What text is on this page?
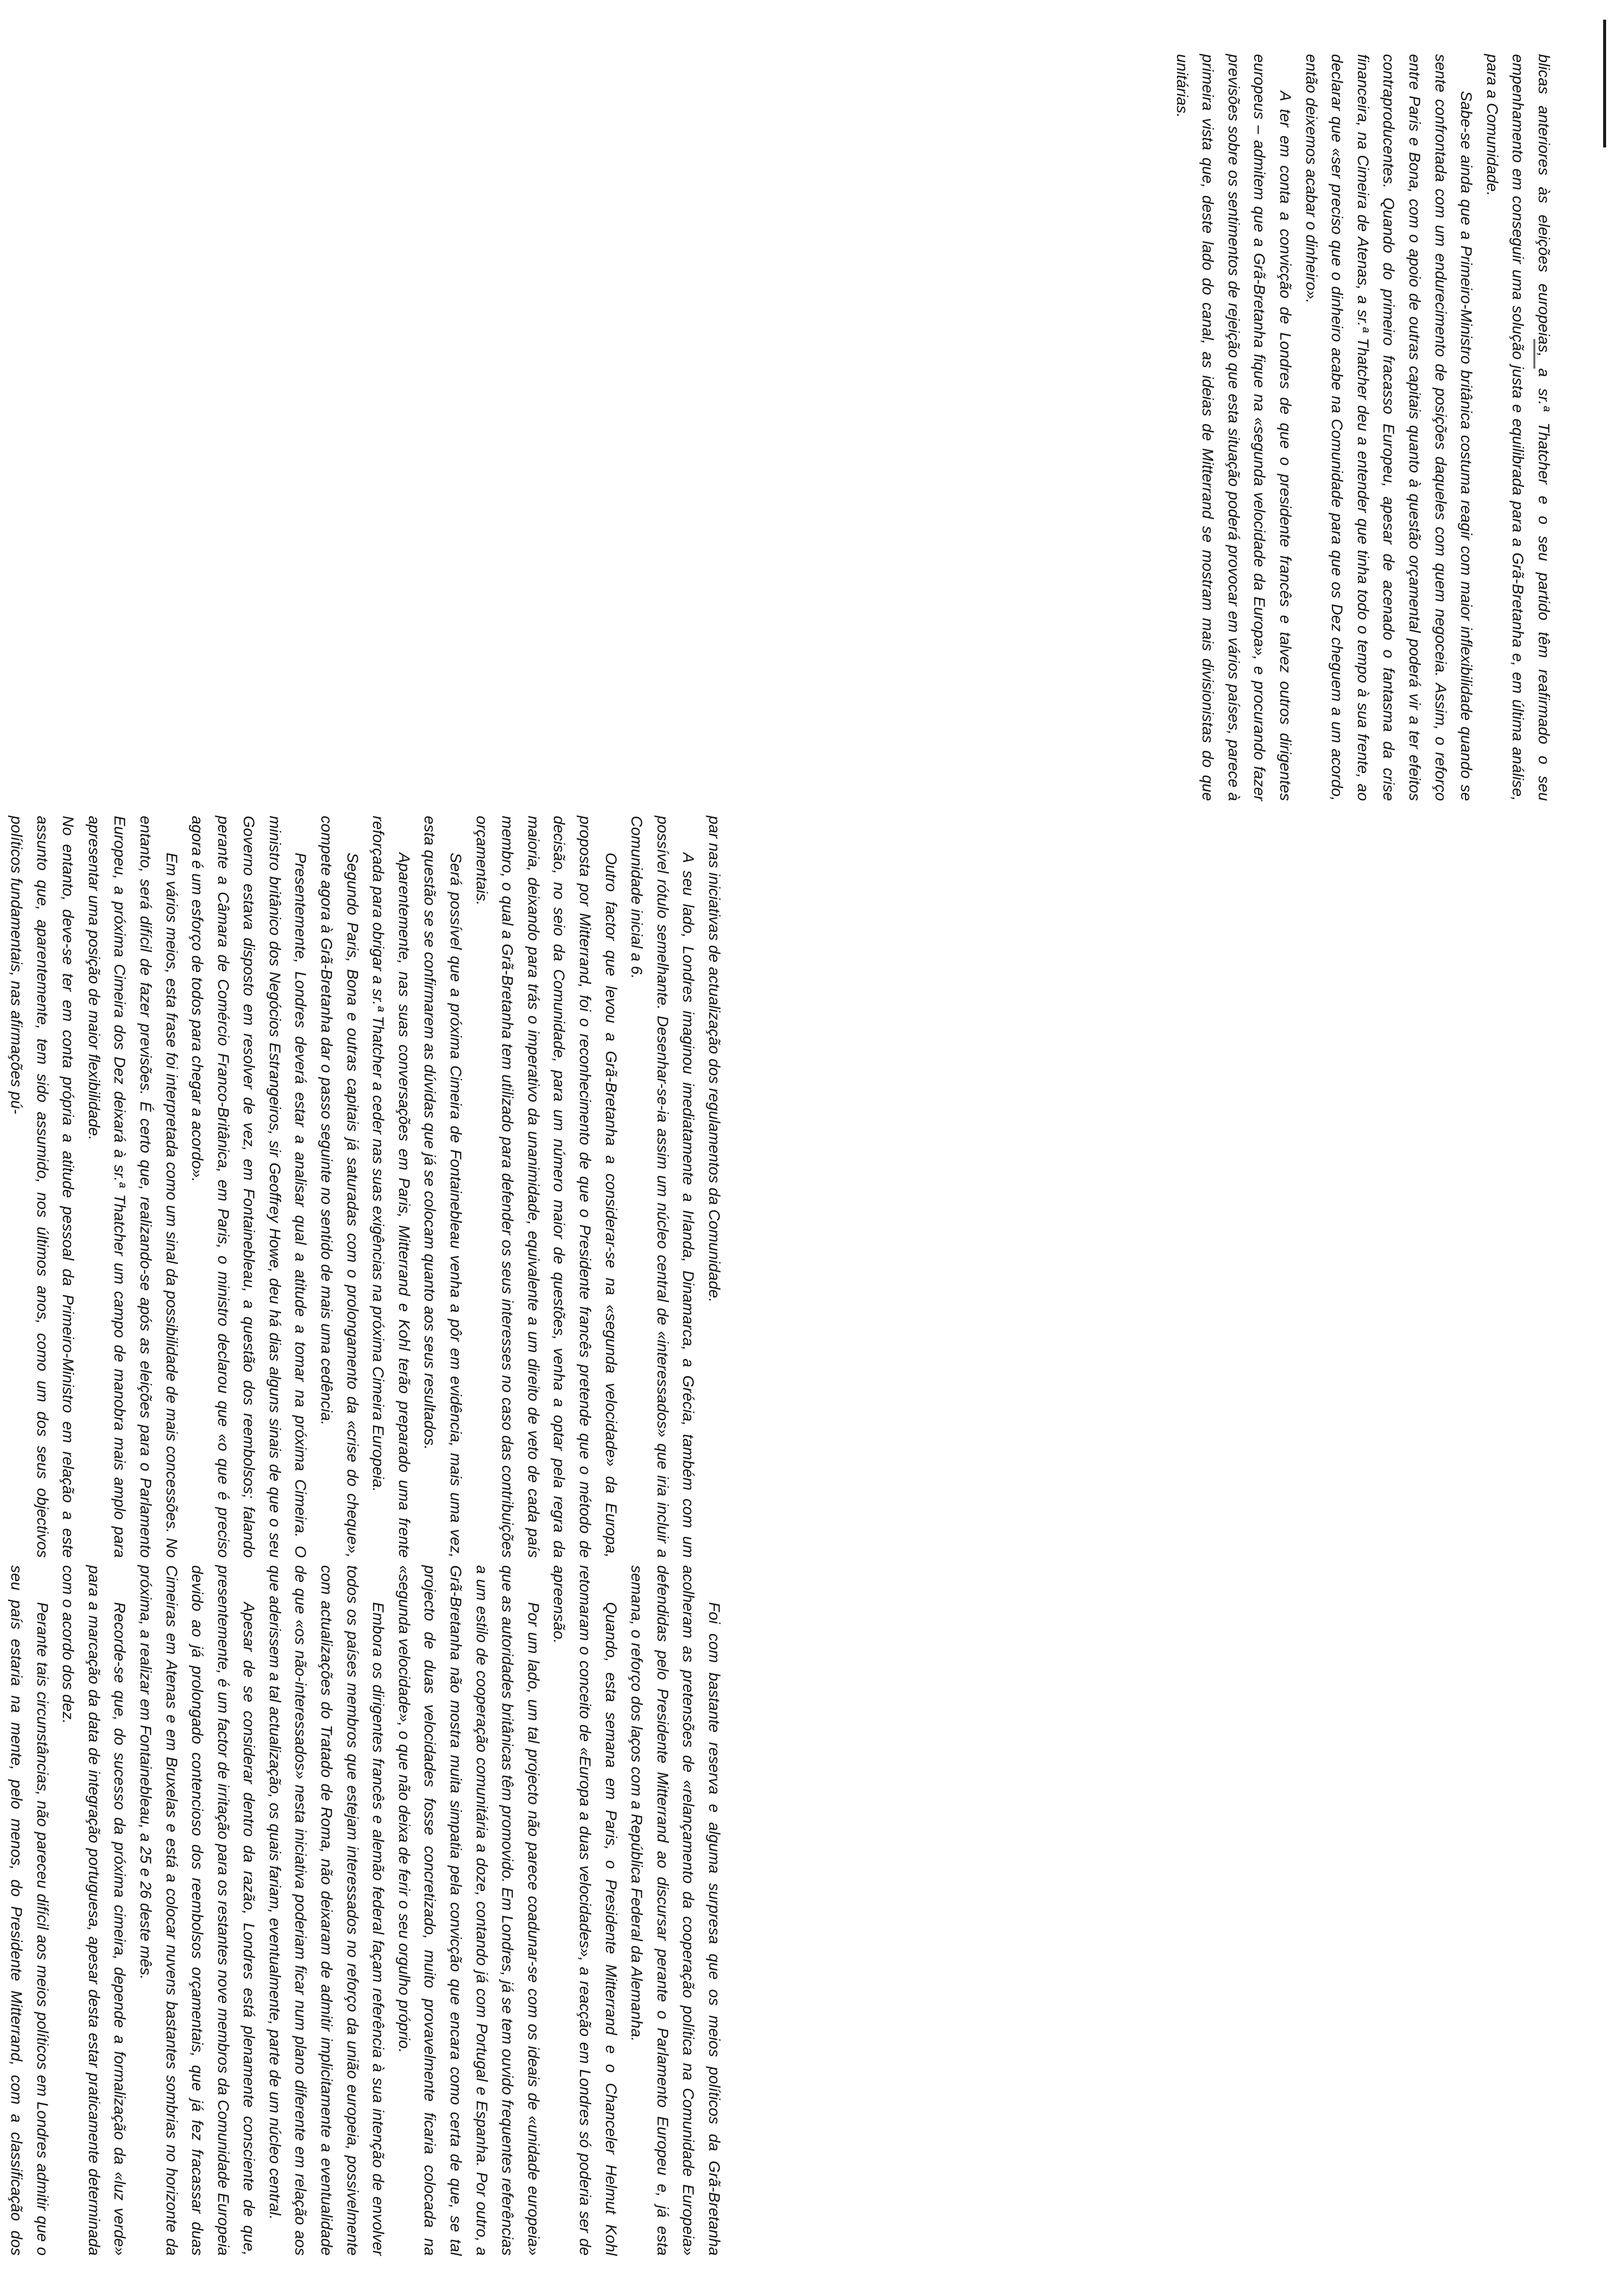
Foi com bastante reserva e alguma surpresa que os meios políticos da Grã-Bretanha acolheram as pretensões de «relançamento da cooperação política na Comunidade Europeia» defendidas pelo Presidente Mitterrand ao discursar perante o Parlamento Europeu e, já esta semana, o reforço dos laços com a República Federal da Alemanha.

Quando, esta semana em Paris, o Presidente Mitterrand e o Chanceler Helmut Kohl retomaram o conceito de «Europa a duas velocidades», a reacção em Londres só poderia ser de apreensão.

Por um lado, um tal projecto não parece coadunar-se com os ideais de «unidade europeia» que as autoridades britânicas têm promovido. Em Londres, já se tem ouvido frequentes referências a um estilo de cooperação comunitária a doze, contando já com Portugal e Espanha. Por outro, a Grã-Bretanha não mostra muita simpatia pela convicção que encara como certa de que, se tal projecto de duas velocidades fosse concretizado, muito provavelmente ficaria colocada na «segunda velocidade», o que não deixa de ferir o seu orgulho próprio.

Embora os dirigentes francês e alemão federal façam referência à sua intenção de envolver todos os países membros que estejam interessados no reforço da união europeia, possivelmente com actualizações do Tratado de Roma, não deixaram de admitir implicitamente a eventualidade de que «os não-interessados» nesta iniciativa poderiam ficar num plano diferente em relação aos que aderissem a tal actualização, os quais fariam, eventualmente, parte de um núcleo central.

Apesar de se considerar dentro da razão, Londres está plenamente consciente de que, presentemente, é um factor de irritação para os restantes nove membros da Comunidade Europeia devido ao já prolongado contencioso dos reembolsos orçamentais, que já fez fracassar duas Cimeiras em Atenas e em Bruxelas e está a colocar nuvens bastantes sombrias no horizonte da próxima, a realizar em Fontainebleau, a 25 e 26 deste mês.

Recorde-se que, do sucesso da próxima cimeira, depende a formalização da «luz verde» para a marcação da data de integração portuguesa, apesar desta estar praticamente determinada com o acordo dos dez.

Perante tais circunstâncias, não pareceu difícil aos meios políticos em Londres admitir que o seu país estaria na mente, pelo menos, do Presidente Mitterrand, com a classificação dos

par nas iniciativas de actualização dos regulamentos da Comunidade.

A seu lado, Londres imaginou imediatamente a Irlanda, Dinamarca, a Grécia, também com um possível rótulo semelhante. Desenhar-se-ia assim um núcleo central de «interessados» que iria incluir a Comunidade inicial a 6.

Outro factor que levou a Grã-Bretanha a considerar-se na «segunda velocidade» da Europa, proposta por Mitterrand, foi o reconhecimento de que o Presidente francês pretende que o método de decisão, no seio da Comunidade, para um número maior de questões, venha a optar pela regra da maioria, deixando para trás o imperativo da unanimidade, equivalente a um direito de veto de cada país membro, o qual a Grã-Bretanha tem utilizado para defender os seus interesses no caso das contribuições orçamentais.

Será possível que a próxima Cimeira de Fontainebleau venha a pôr em evidência, mais uma vez, esta questão se se confirmarem as dúvidas que já se colocam quanto aos seus resultados.

Aparentemente, nas suas conversações em Paris, Mitterrand e Kohl terão preparado uma frente reforçada para obrigar a sr.ª Thatcher a ceder nas suas exigências na próxima Cimeira Europeia.

Segundo Paris, Bona e outras capitais já saturadas com o prolongamento da «crise do cheque», compete agora à Grã-Bretanha dar o passo seguinte no sentido de mais uma cedência.

Presentemente, Londres deverá estar a analisar qual a atitude a tomar na próxima Cimeira. O ministro britânico dos Negócios Estrangeiros, sir Geoffrey Howe, deu há dias alguns sinais de que o seu Governo estava disposto em resolver de vez, em Fontainebleau, a questão dos reembolsos; falando perante a Câmara de Comércio Franco-Britânica, em Paris, o ministro declarou que «o que é preciso agora é um esforço de todos para chegar a acordo».

Em vários meios, esta frase foi interpretada como um sinal da possibilidade de mais concessões. No entanto, será difícil de fazer previsões. É certo que, realizando-se após as eleições para o Parlamento Europeu, a próxima Cimeira dos Dez deixará à sr.ª Thatcher um campo de manobra mais amplo para apresentar uma posição de maior flexibilidade.

No entanto, deve-se ter em conta própria a atitude pessoal da Primeiro-Ministro em relação a este assunto que, aparentemente, tem sido assumido, nos últimos anos, como um dos seus objectivos políticos fundamentais, nas afirmações pú-

blicas anteriores às eleições europeias, a sr.ª Thatcher e o seu partido têm reafirmado o seu empenhamento em conseguir uma solução justa e equilibrada para a Grã-Bretanha e, em última análise, para a Comunidade.

Sabe-se ainda que a Primeiro-Ministro britânica costuma reagir com maior inflexibilidade quando se sente confrontada com um endurecimento de posições daqueles com quem negoceia. Assim, o reforço entre Paris e Bona, com o apoio de outras capitais quanto à questão orçamental poderá vir a ter efeitos contraproducentes. Quando do primeiro fracasso Europeu, apesar de acenado o fantasma da crise financeira, na Cimeira de Atenas, a sr.ª Thatcher deu a entender que tinha todo o tempo à sua frente, ao declarar que «ser preciso que o dinheiro acabe na Comunidade para que os Dez cheguem a um acordo, então deixemos acabar o dinheiro».

A ter em conta a convicção de Londres de que o presidente francês e talvez outros dirigentes europeus – admitem que a Grã-Bretanha fique na «segunda velocidade da Europa», e procurando fazer previsões sobre os sentimentos de rejeição que esta situação poderá provocar em vários países, parece à primeira vista que, deste lado do canal, as ideias de Mitterrand se mostram mais divisionistas do que unitárias.
